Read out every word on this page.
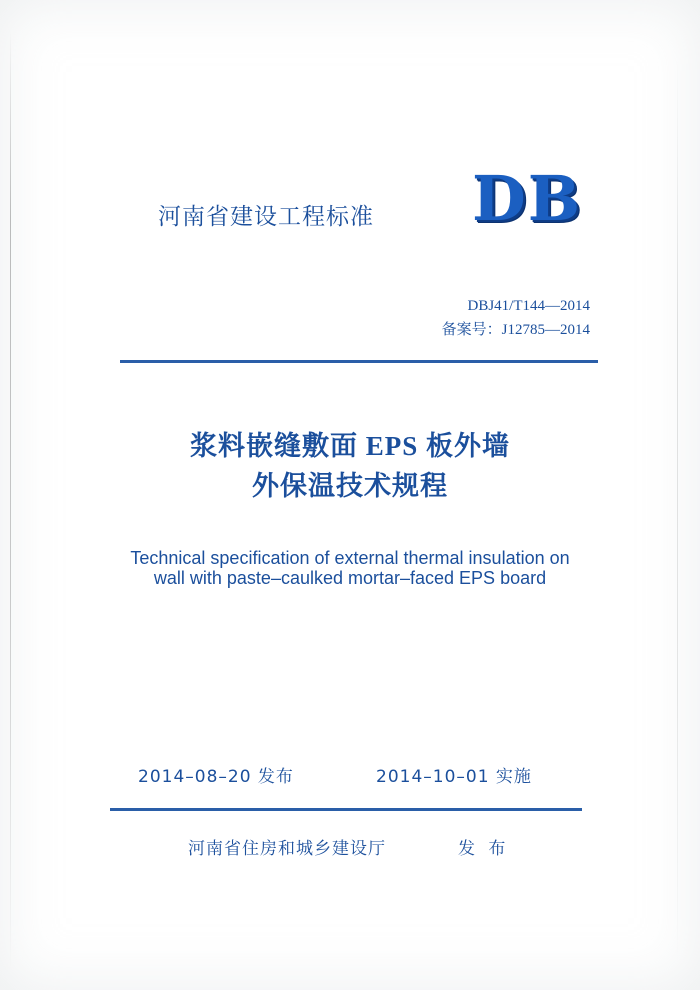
河南省建设工程标准 DB
DBJ41/T144—2014
备案号：J12785—2014
浆料嵌缝敷面 EPS 板外墙
外保温技术规程
Technical specification of external thermal insulation on
wall with paste–caulked mortar–faced EPS board
2014–08–20 发布	2014–10–01 实施
河南省住房和城乡建设厅	发 布
